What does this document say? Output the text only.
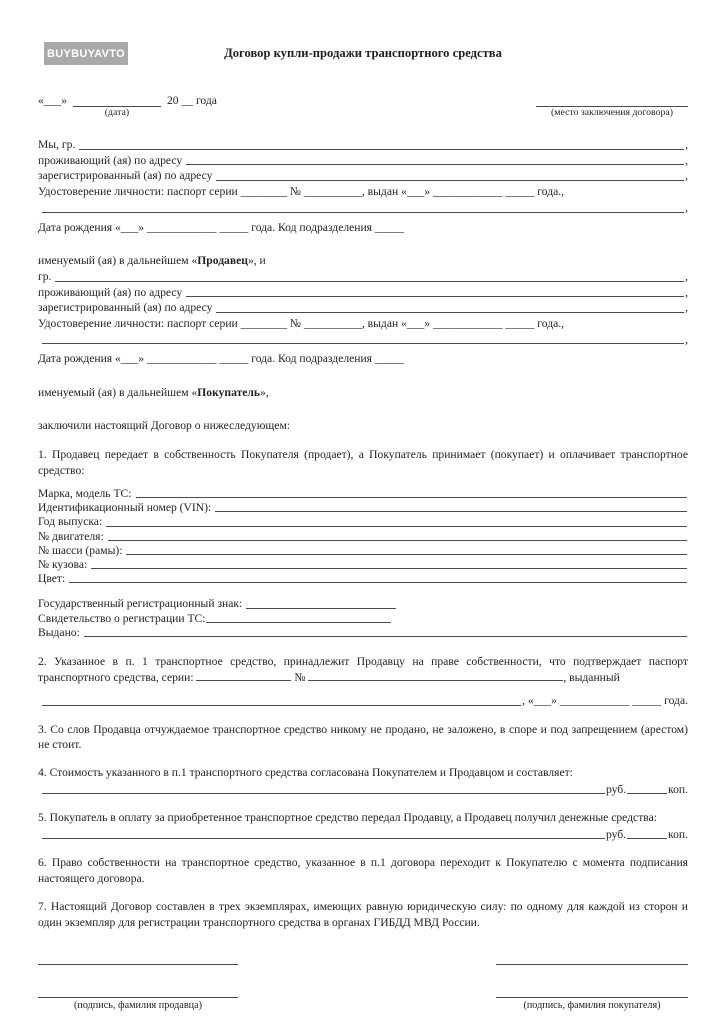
BUYBUYAVTO	Договор купли-продажи транспортного средства
«___»
(дата)
20 __ года
(место заключения договора)
Мы, гр.	,
проживающий (ая) по адресу	,
зарегистрированный (ая) по адресу	,
Удостоверение личности: паспорт серии ________ № __________, выдан «___» ____________ _____ года.,
,

Дата рождения «___» ____________ _____ года. Код подразделения _____

именуемый (ая) в дальнейшем «Продавец», и

гр.	,
проживающий (ая) по адресу	,
зарегистрированный (ая) по адресу	,
Удостоверение личности: паспорт серии ________ № __________, выдан «___» ____________ _____ года.,
,

Дата рождения «___» ____________ _____ года. Код подразделения _____

именуемый (ая) в дальнейшем «Покупатель»,

заключили настоящий Договор о нижеследующем:

1. Продавец передает в собственность Покупателя (продает), а Покупатель принимает (покупает) и оплачивает транспортное средство:

Марка, модель ТС:
Идентификационный номер (VIN):
Год выпуска:
№ двигателя:
№ шасси (рамы):
№ кузова:
Цвет:
Государственный регистрационный знак:
Свидетельство о регистрации ТС:
Выдано:

2. Указанное в п. 1 транспортное средство, принадлежит Продавцу на праве собственности, что подтверждает паспорт транспортного средства, серии:	№	, выданный

, «___» ____________ _____ года.

3. Со слов Продавца отчуждаемое транспортное средство никому не продано, не заложено, в споре и под запрещением (арестом) не стоит.

4. Стоимость указанного в п.1 транспортного средства согласована Покупателем и Продавцом и составляет:

руб.	коп.

5. Покупатель в оплату за приобретенное транспортное средство передал Продавцу, а Продавец получил денежные средства:

руб.	коп.

6. Право собственности на транспортное средство, указанное в п.1 договора переходит к Покупателю с момента подписания настоящего договора.

7. Настоящий Договор составлен в трех экземплярах, имеющих равную юридическую силу: по одному для каждой из сторон и один экземпляр для регистрации транспортного средства в органах ГИБДД МВД России.

(подпись, фамилия продавца)	(подпись, фамилия покупателя)
